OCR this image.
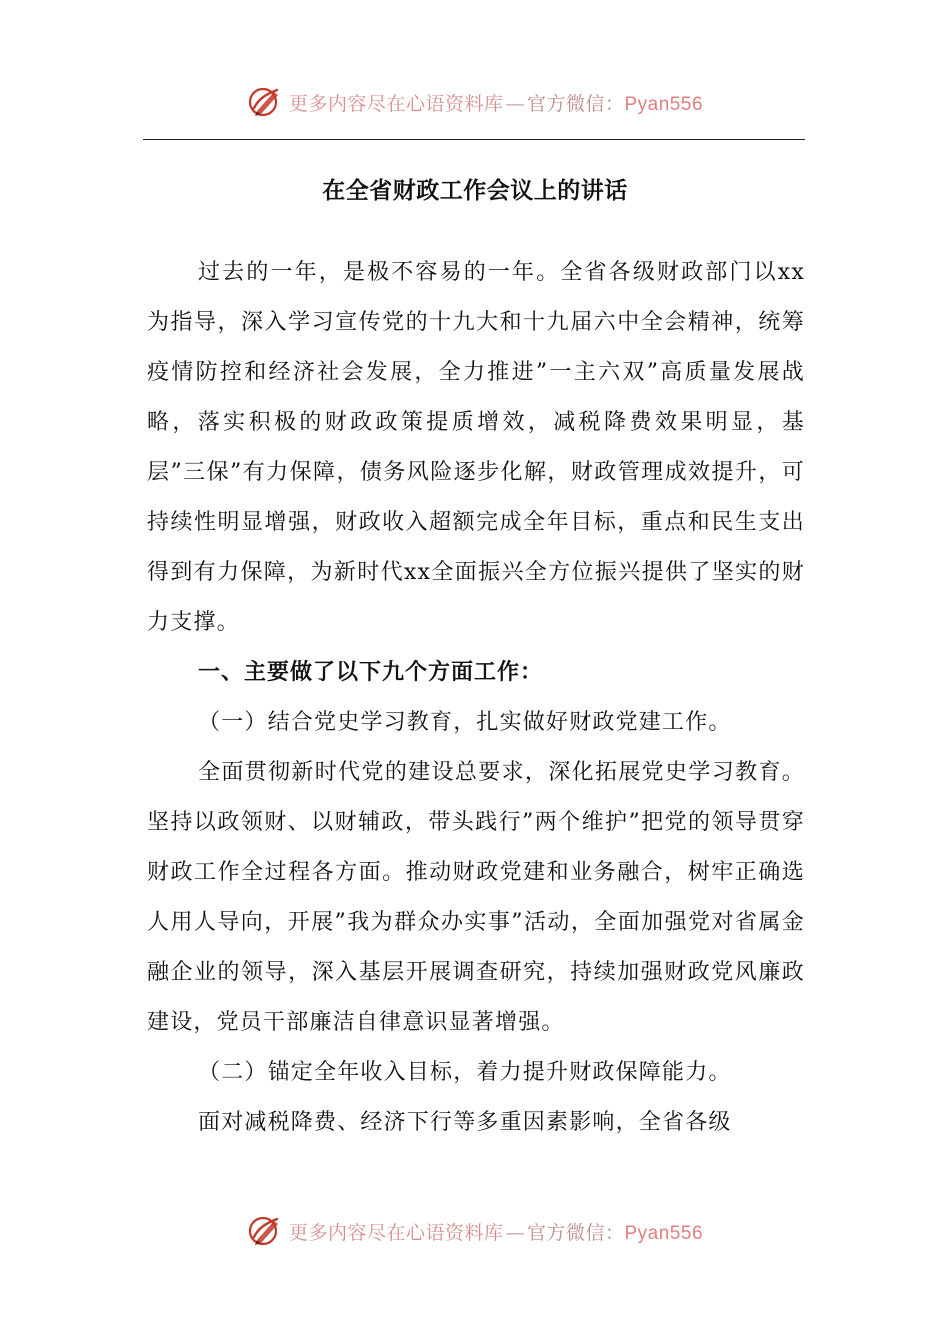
更多内容尽在心语资料库 — 官方微信：Pyan556
在全省财政工作会议上的讲话

过去的一年，是极不容易的一年。全省各级财政部门以xx为指导，深入学习宣传党的十九大和十九届六中全会精神，统筹疫情防控和经济社会发展，全力推进”一主六双”高质量发展战略，落实积极的财政政策提质增效，减税降费效果明显，基层”三保”有力保障，债务风险逐步化解，财政管理成效提升，可持续性明显增强，财政收入超额完成全年目标，重点和民生支出得到有力保障，为新时代xx全面振兴全方位振兴提供了坚实的财力支撑。

一、主要做了以下九个方面工作：

（一）结合党史学习教育，扎实做好财政党建工作。

全面贯彻新时代党的建设总要求，深化拓展党史学习教育。坚持以政领财、以财辅政，带头践行”两个维护”把党的领导贯穿财政工作全过程各方面。推动财政党建和业务融合，树牢正确选人用人导向，开展”我为群众办实事”活动，全面加强党对省属金融企业的领导，深入基层开展调查研究，持续加强财政党风廉政建设，党员干部廉洁自律意识显著增强。

（二）锚定全年收入目标，着力提升财政保障能力。

面对减税降费、经济下行等多重因素影响，全省各级

更多内容尽在心语资料库 — 官方微信：Pyan556
